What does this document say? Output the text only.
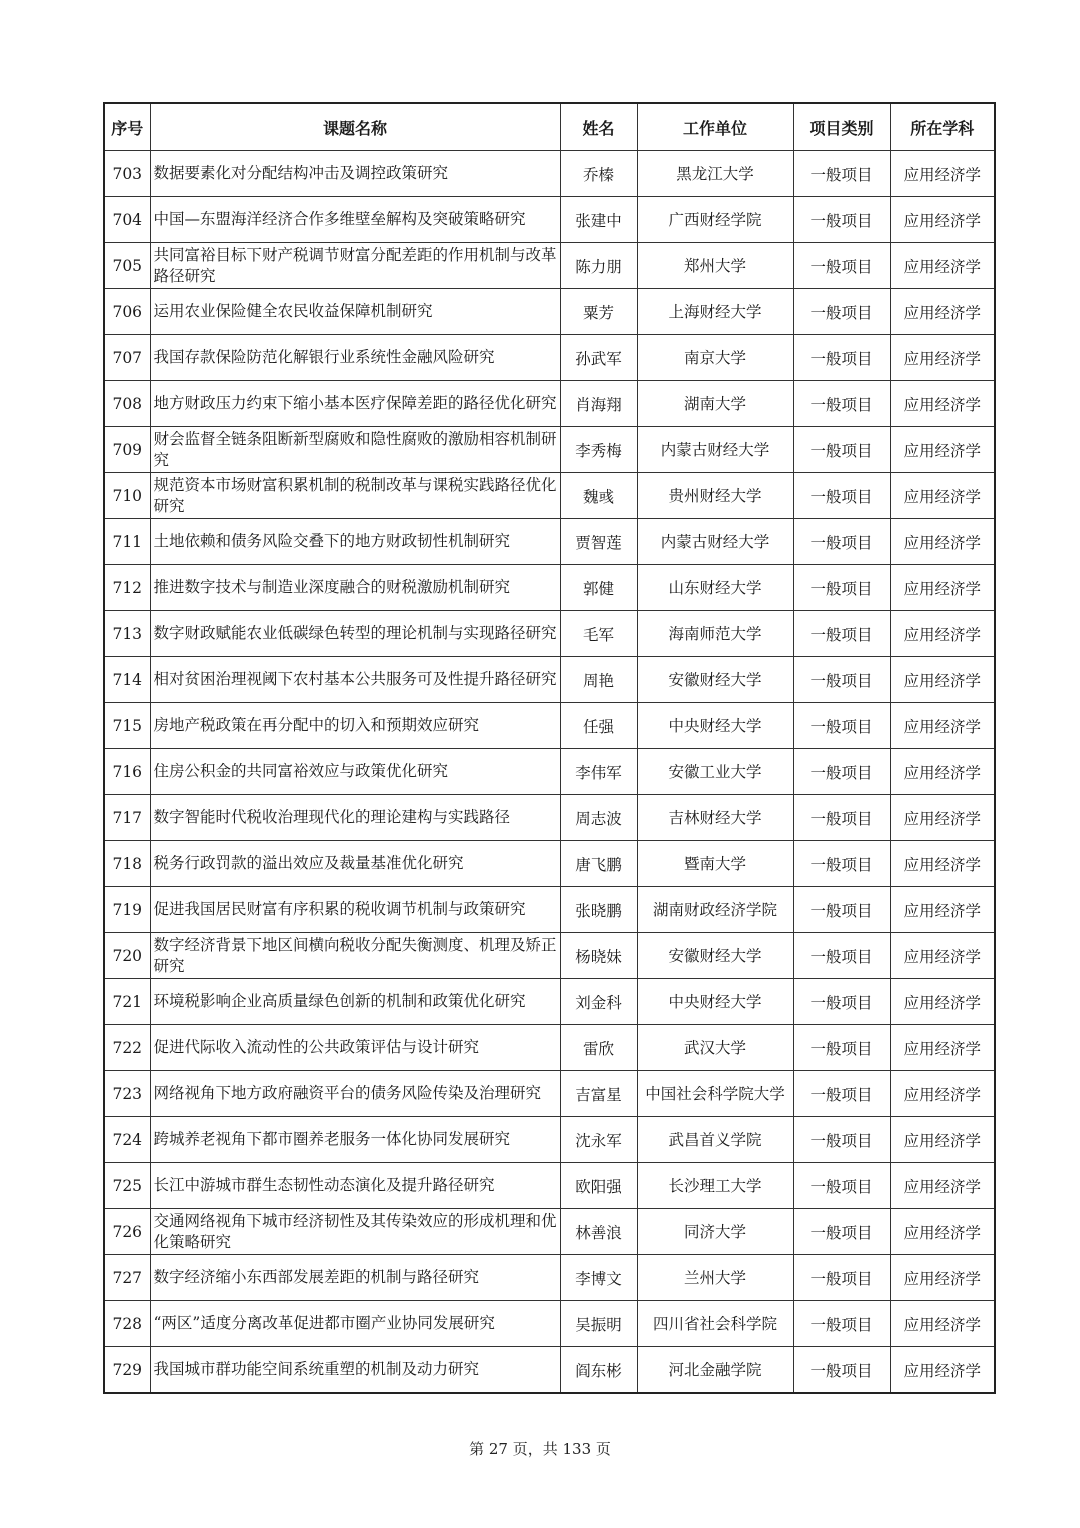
序号	课题名称	姓名	工作单位	项目类别	所在学科
703	数据要素化对分配结构冲击及调控政策研究	乔榛	黑龙江大学	一般项目	应用经济学
704	中国—东盟海洋经济合作多维壁垒解构及突破策略研究	张建中	广西财经学院	一般项目	应用经济学
705	共同富裕目标下财产税调节财富分配差距的作用机制与改革路径研究	陈力朋	郑州大学	一般项目	应用经济学
706	运用农业保险健全农民收益保障机制研究	粟芳	上海财经大学	一般项目	应用经济学
707	我国存款保险防范化解银行业系统性金融风险研究	孙武军	南京大学	一般项目	应用经济学
708	地方财政压力约束下缩小基本医疗保障差距的路径优化研究	肖海翔	湖南大学	一般项目	应用经济学
709	财会监督全链条阻断新型腐败和隐性腐败的激励相容机制研究	李秀梅	内蒙古财经大学	一般项目	应用经济学
710	规范资本市场财富积累机制的税制改革与课税实践路径优化研究	魏彧	贵州财经大学	一般项目	应用经济学
711	土地依赖和债务风险交叠下的地方财政韧性机制研究	贾智莲	内蒙古财经大学	一般项目	应用经济学
712	推进数字技术与制造业深度融合的财税激励机制研究	郭健	山东财经大学	一般项目	应用经济学
713	数字财政赋能农业低碳绿色转型的理论机制与实现路径研究	毛军	海南师范大学	一般项目	应用经济学
714	相对贫困治理视阈下农村基本公共服务可及性提升路径研究	周艳	安徽财经大学	一般项目	应用经济学
715	房地产税政策在再分配中的切入和预期效应研究	任强	中央财经大学	一般项目	应用经济学
716	住房公积金的共同富裕效应与政策优化研究	李伟军	安徽工业大学	一般项目	应用经济学
717	数字智能时代税收治理现代化的理论建构与实践路径	周志波	吉林财经大学	一般项目	应用经济学
718	税务行政罚款的溢出效应及裁量基准优化研究	唐飞鹏	暨南大学	一般项目	应用经济学
719	促进我国居民财富有序积累的税收调节机制与政策研究	张晓鹏	湖南财政经济学院	一般项目	应用经济学
720	数字经济背景下地区间横向税收分配失衡测度、机理及矫正研究	杨晓妹	安徽财经大学	一般项目	应用经济学
721	环境税影响企业高质量绿色创新的机制和政策优化研究	刘金科	中央财经大学	一般项目	应用经济学
722	促进代际收入流动性的公共政策评估与设计研究	雷欣	武汉大学	一般项目	应用经济学
723	网络视角下地方政府融资平台的债务风险传染及治理研究	吉富星	中国社会科学院大学	一般项目	应用经济学
724	跨城养老视角下都市圈养老服务一体化协同发展研究	沈永军	武昌首义学院	一般项目	应用经济学
725	长江中游城市群生态韧性动态演化及提升路径研究	欧阳强	长沙理工大学	一般项目	应用经济学
726	交通网络视角下城市经济韧性及其传染效应的形成机理和优化策略研究	林善浪	同济大学	一般项目	应用经济学
727	数字经济缩小东西部发展差距的机制与路径研究	李博文	兰州大学	一般项目	应用经济学
728	“两区”适度分离改革促进都市圈产业协同发展研究	吴振明	四川省社会科学院	一般项目	应用经济学
729	我国城市群功能空间系统重塑的机制及动力研究	阎东彬	河北金融学院	一般项目	应用经济学
第 27 页，共 133 页
